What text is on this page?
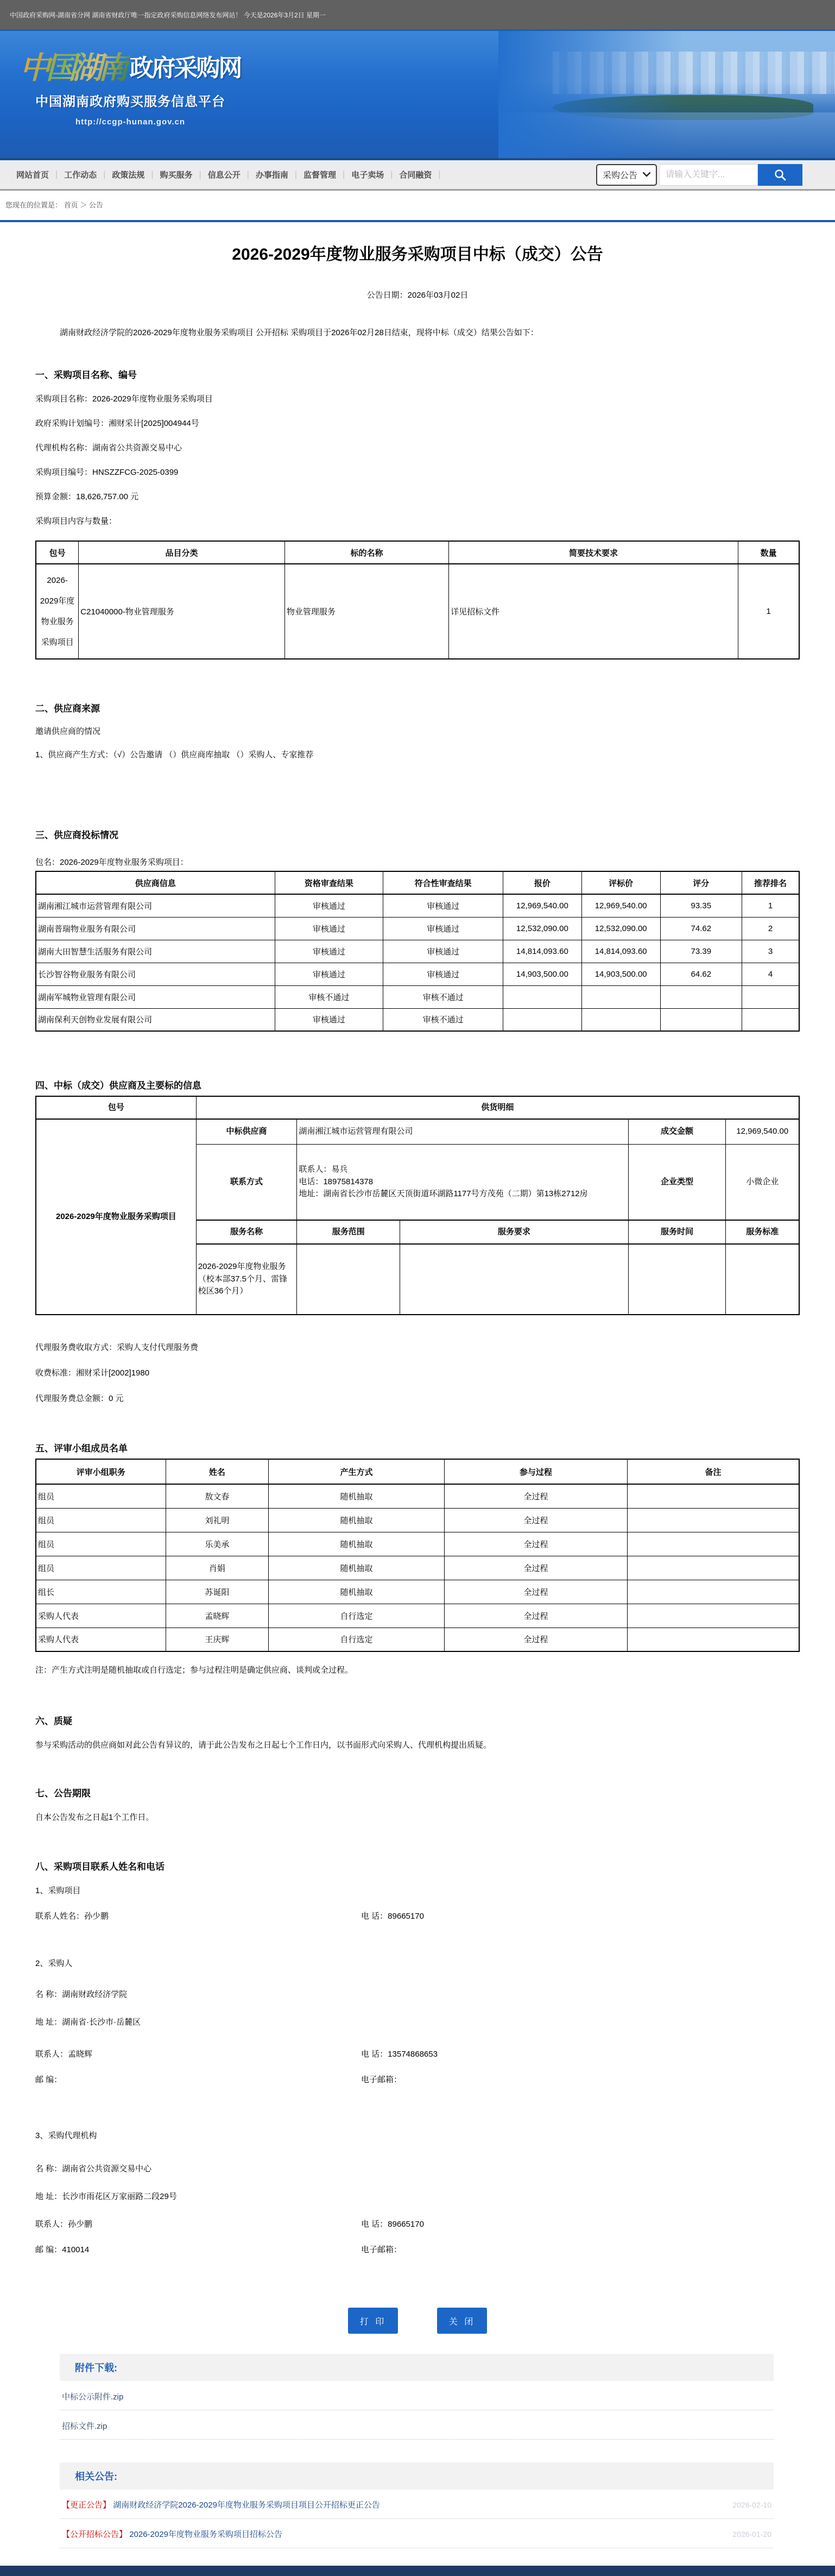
中国政府采购网-湖南省分网 湖南省财政厅唯一指定政府采购信息网络发布网站！ 今天是2026年3月2日 星期一
中国湖南 政府采购网
中国湖南政府购买服务信息平台
http://ccgp-hunan.gov.cn
网站首页 | 工作动态 | 政策法规 | 购买服务 | 信息公开 | 办事指南 | 监督管理 | 电子卖场 | 合同融资 |	采购公告
请输入关键字...
您现在的位置是： 首页 ＞ 公告
2026-2029年度物业服务采购项目中标（成交）公告
公告日期：2026年03月02日
湖南财政经济学院的2026-2029年度物业服务采购项目 公开招标 采购项目于2026年02月28日结束，现将中标（成交）结果公告如下：
一、采购项目名称、编号

采购项目名称：2026-2029年度物业服务采购项目

政府采购计划编号：湘财采计[2025]004944号

代理机构名称：湖南省公共资源交易中心

采购项目编号：HNSZZFCG-2025-0399

预算金额：18,626,757.00 元

采购项目内容与数量：

包号	品目分类	标的名称	简要技术要求	数量
2026-2029年度物业服务采购项目	C21040000-物业管理服务	物业管理服务	详见招标文件	1
二、供应商来源

邀请供应商的情况

1、供应商产生方式：（√）公告邀请 （）供应商库抽取 （）采购人、专家推荐

三、供应商投标情况

包名：2026-2029年度物业服务采购项目：

供应商信息	资格审查结果	符合性审查结果	报价	评标价	评分	推荐排名
湖南湘江城市运营管理有限公司	审核通过	审核通过	12,969,540.00	12,969,540.00	93.35	1
湖南普瑞物业服务有限公司	审核通过	审核通过	12,532,090.00	12,532,090.00	74.62	2
湖南大田智慧生活服务有限公司	审核通过	审核通过	14,814,093.60	14,814,093.60	73.39	3
长沙智谷物业服务有限公司	审核通过	审核通过	14,903,500.00	14,903,500.00	64.62	4
湖南军城物业管理有限公司	审核不通过	审核不通过				
湖南保利天创物业发展有限公司	审核通过	审核不通过				
四、中标（成交）供应商及主要标的信息
包号	供货明细				
2026-2029年度物业服务采购项目	中标供应商	湖南湘江城市运营管理有限公司		成交金额	12,969,540.00
	联系方式	联系人：易兵
电话：18975814378
地址：湖南省长沙市岳麓区天顶街道环湖路1177号方茂苑（二期）第13栋2712房		企业类型	小微企业
	服务名称	服务范围	服务要求	服务时间	服务标准
	2026-2029年度物业服务（校本部37.5个月、雷锋校区36个月）				

代理服务费收取方式：采购人支付代理服务费

收费标准：湘财采计[2002]1980

代理服务费总金额：0 元

五、评审小组成员名单
评审小组职务	姓名	产生方式	参与过程	备注
组员	敖文春	随机抽取	全过程	
组员	刘礼明	随机抽取	全过程	
组员	乐美承	随机抽取	全过程	
组员	肖娟	随机抽取	全过程	
组长	苏诞阳	随机抽取	全过程	
采购人代表	孟晓辉	自行选定	全过程	
采购人代表	王庆辉	自行选定	全过程	

注：产生方式注明是随机抽取或自行选定；参与过程注明是确定供应商、谈判或全过程。

六、质疑

参与采购活动的供应商如对此公告有异议的，请于此公告发布之日起七个工作日内，以书面形式向采购人、代理机构提出质疑。

七、公告期限

自本公告发布之日起1个工作日。

八、采购项目联系人姓名和电话

1、采购项目

联系人姓名：孙少鹏	电 话：89665170

2、采购人

名 称：湖南财政经济学院

地 址：湖南省·长沙市·岳麓区

联系人：孟晓辉	电 话：13574868653
邮 编：	电子邮箱：

3、采购代理机构

名 称：湖南省公共资源交易中心

地 址：长沙市雨花区万家丽路二段29号

联系人：孙少鹏	电 话：89665170
邮 编：410014	电子邮箱：
打 印	关 闭
附件下载:
中标公示附件.zip
招标文件.zip
相关公告:
【更正公告】 湖南财政经济学院2026-2029年度物业服务采购项目项目公开招标更正公告	2026-02-10
【公开招标公告】 2026-2029年度物业服务采购项目招标公告	2026-01-20
